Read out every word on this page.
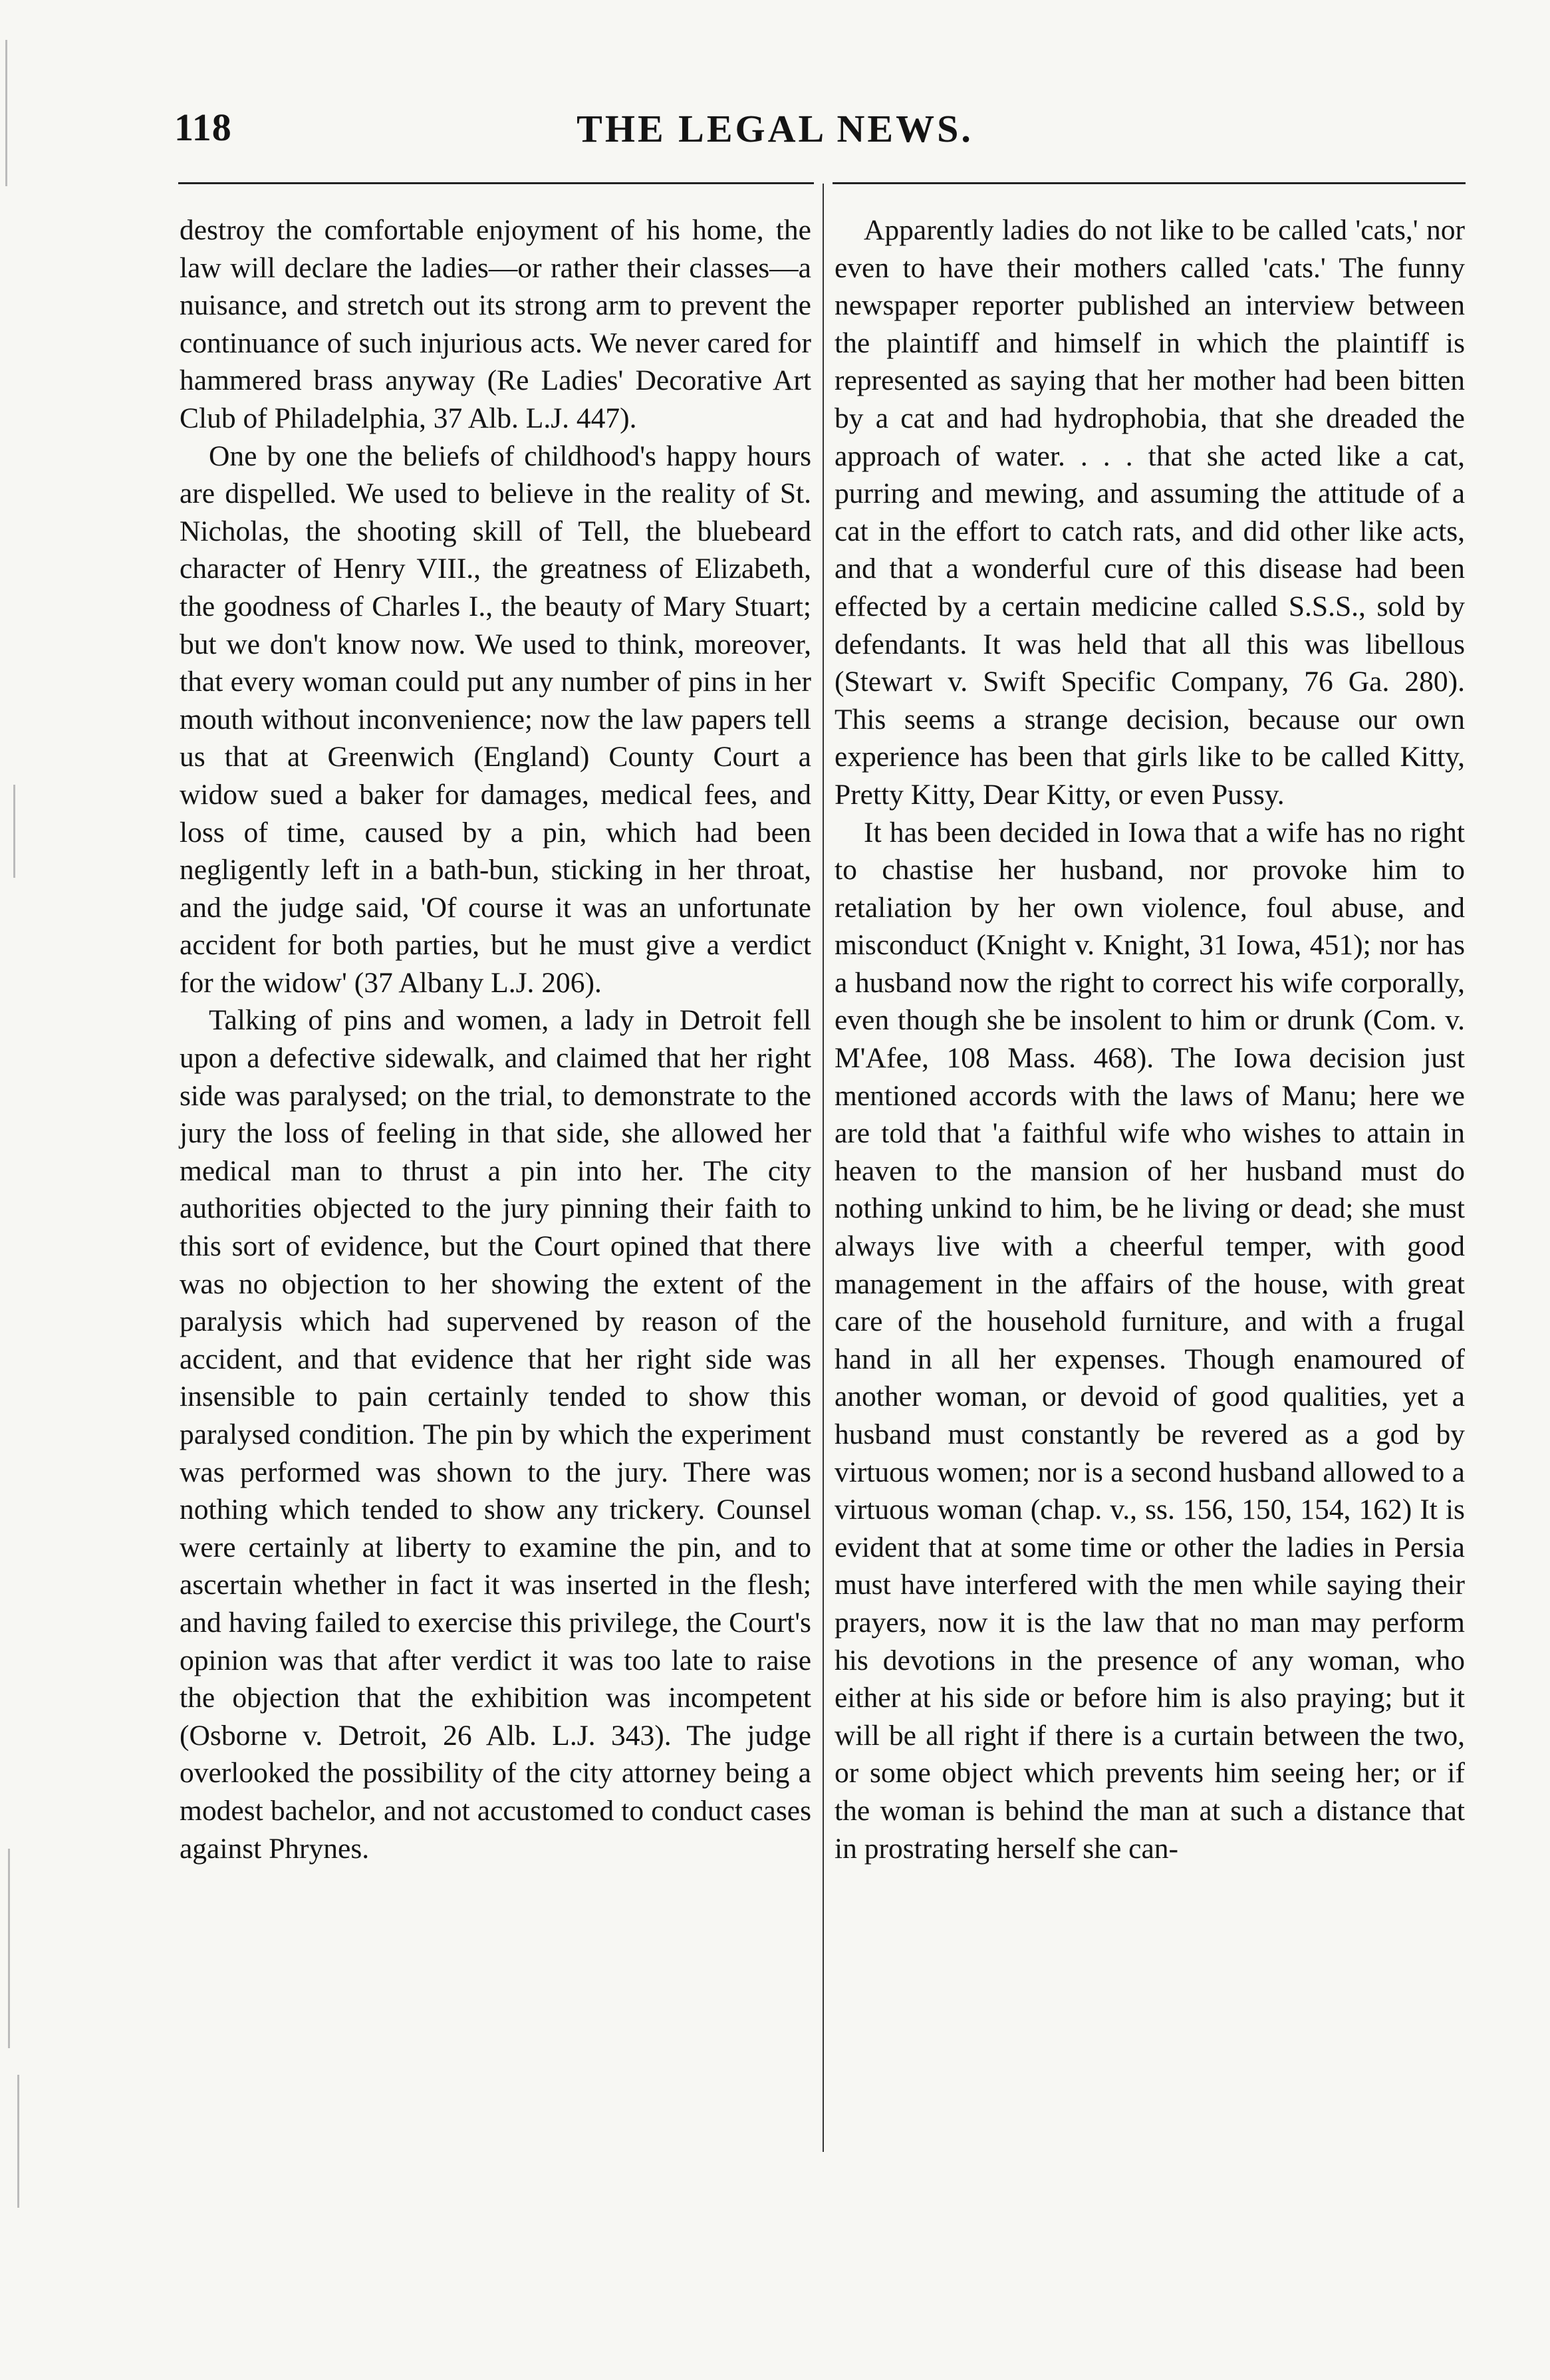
118	THE LEGAL NEWS.

destroy the comfortable enjoyment of his home, the law will declare the ladies—or rather their classes—a nuisance, and stretch out its strong arm to prevent the continuance of such injurious acts. We never cared for hammered brass anyway (Re Ladies' Decorative Art Club of Philadelphia, 37 Alb. L.J. 447).

One by one the beliefs of childhood's happy hours are dispelled. We used to believe in the reality of St. Nicholas, the shooting skill of Tell, the bluebeard character of Henry VIII., the greatness of Elizabeth, the goodness of Charles I., the beauty of Mary Stuart; but we don't know now. We used to think, moreover, that every woman could put any number of pins in her mouth without inconvenience; now the law papers tell us that at Greenwich (England) County Court a widow sued a baker for damages, medical fees, and loss of time, caused by a pin, which had been negligently left in a bath-bun, sticking in her throat, and the judge said, 'Of course it was an unfortunate accident for both parties, but he must give a verdict for the widow' (37 Albany L.J. 206).

Talking of pins and women, a lady in Detroit fell upon a defective sidewalk, and claimed that her right side was paralysed; on the trial, to demonstrate to the jury the loss of feeling in that side, she allowed her medical man to thrust a pin into her. The city authorities objected to the jury pinning their faith to this sort of evidence, but the Court opined that there was no objection to her showing the extent of the paralysis which had supervened by reason of the accident, and that evidence that her right side was insensible to pain certainly tended to show this paralysed condition. The pin by which the experiment was performed was shown to the jury. There was nothing which tended to show any trickery. Counsel were certainly at liberty to examine the pin, and to ascertain whether in fact it was inserted in the flesh; and having failed to exercise this privilege, the Court's opinion was that after verdict it was too late to raise the objection that the exhibition was incompetent (Osborne v. Detroit, 26 Alb. L.J. 343). The judge overlooked the possibility of the city attorney being a modest bachelor, and not accustomed to conduct cases against Phrynes.

Apparently ladies do not like to be called 'cats,' nor even to have their mothers called 'cats.' The funny newspaper reporter published an interview between the plaintiff and himself in which the plaintiff is represented as saying that her mother had been bitten by a cat and had hydrophobia, that she dreaded the approach of water. . . . that she acted like a cat, purring and mewing, and assuming the attitude of a cat in the effort to catch rats, and did other like acts, and that a wonderful cure of this disease had been effected by a certain medicine called S.S.S., sold by defendants. It was held that all this was libellous (Stewart v. Swift Specific Company, 76 Ga. 280). This seems a strange decision, because our own experience has been that girls like to be called Kitty, Pretty Kitty, Dear Kitty, or even Pussy.

It has been decided in Iowa that a wife has no right to chastise her husband, nor provoke him to retaliation by her own violence, foul abuse, and misconduct (Knight v. Knight, 31 Iowa, 451); nor has a husband now the right to correct his wife corporally, even though she be insolent to him or drunk (Com. v. M'Afee, 108 Mass. 468). The Iowa decision just mentioned accords with the laws of Manu; here we are told that 'a faithful wife who wishes to attain in heaven to the mansion of her husband must do nothing unkind to him, be he living or dead; she must always live with a cheerful temper, with good management in the affairs of the house, with great care of the household furniture, and with a frugal hand in all her expenses. Though enamoured of another woman, or devoid of good qualities, yet a husband must constantly be revered as a god by virtuous women; nor is a second husband allowed to a virtuous woman (chap. v., ss. 156, 150, 154, 162) It is evident that at some time or other the ladies in Persia must have interfered with the men while saying their prayers, now it is the law that no man may perform his devotions in the presence of any woman, who either at his side or before him is also praying; but it will be all right if there is a curtain between the two, or some object which prevents him seeing her; or if the woman is behind the man at such a distance that in prostrating herself she can-
